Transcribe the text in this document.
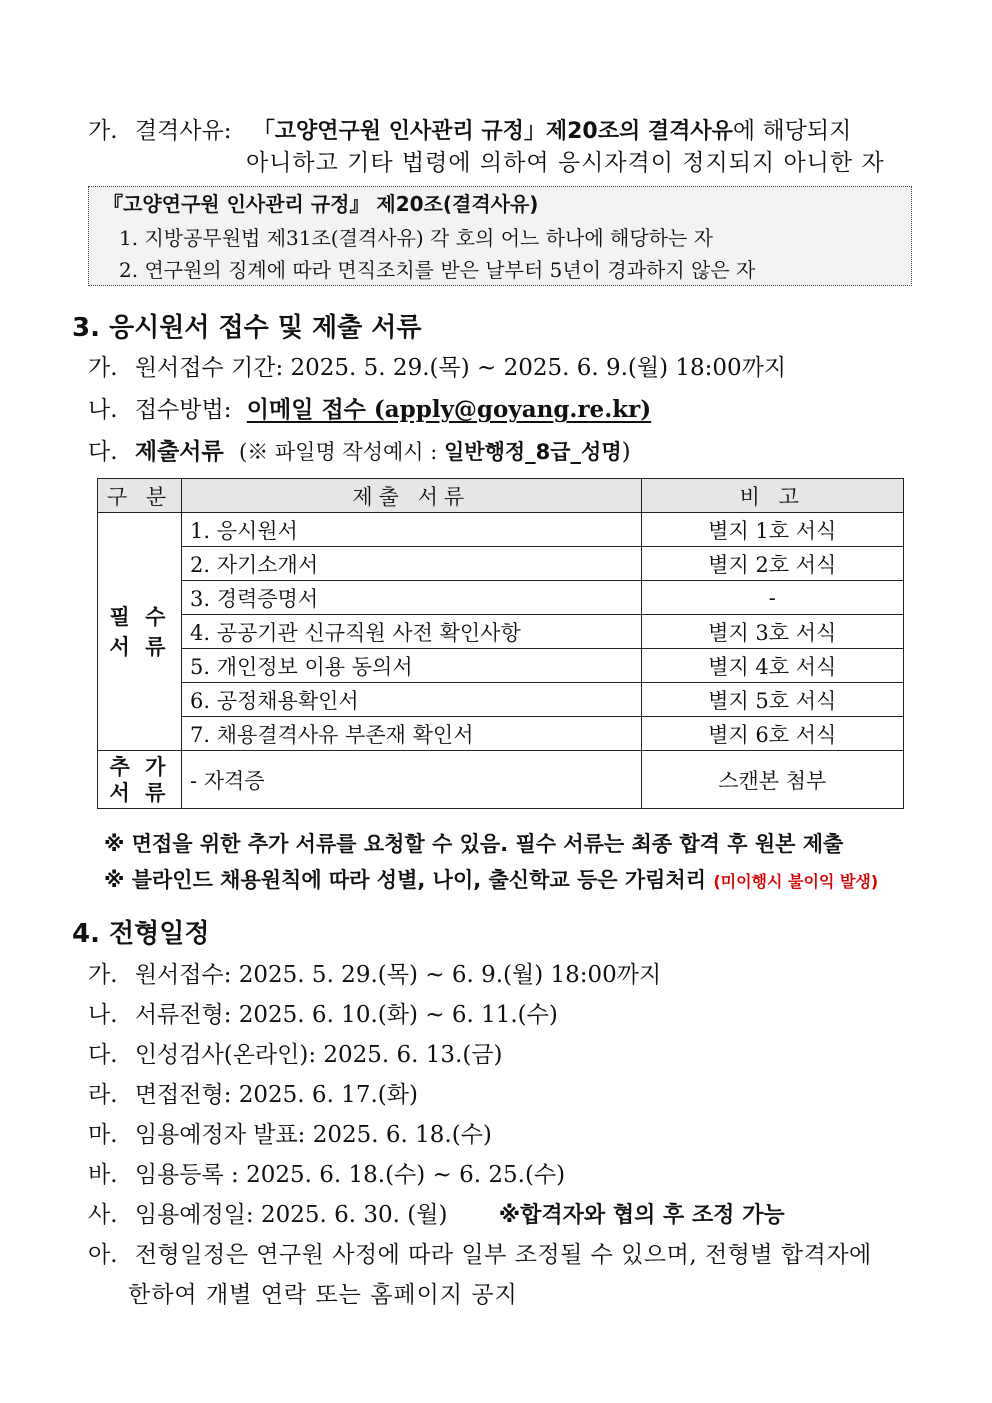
가. 결격사유: 「고양연구원 인사관리 규정」제20조의 결격사유에 해당되지
아니하고 기타 법령에 의하여 응시자격이 정지되지 아니한 자
『고양연구원 인사관리 규정』 제20조(결격사유)
1. 지방공무원법 제31조(결격사유) 각 호의 어느 하나에 해당하는 자
2. 연구원의 징계에 따라 면직조치를 받은 날부터 5년이 경과하지 않은 자
3. 응시원서 접수 및 제출 서류
가. 원서접수 기간: 2025. 5. 29.(목) ~ 2025. 6. 9.(월) 18:00까지
나. 접수방법: 이메일 접수 (apply@goyang.re.kr)
다. 제출서류 (※ 파일명 작성예시 : 일반행정_8급_성명)
구 분	제출 서류	비 고
필 수
서 류	1. 응시원서	별지 1호 서식
	2. 자기소개서	별지 2호 서식
	3. 경력증명서	-
	4. 공공기관 신규직원 사전 확인사항	별지 3호 서식
	5. 개인정보 이용 동의서	별지 4호 서식
	6. 공정채용확인서	별지 5호 서식
	7. 채용결격사유 부존재 확인서	별지 6호 서식
추 가
서 류	- 자격증	스캔본 첨부
※ 면접을 위한 추가 서류를 요청할 수 있음. 필수 서류는 최종 합격 후 원본 제출
※ 블라인드 채용원칙에 따라 성별, 나이, 출신학교 등은 가림처리 (미이행시 불이익 발생)
4. 전형일정
가. 원서접수: 2025. 5. 29.(목) ~ 6. 9.(월) 18:00까지
나. 서류전형: 2025. 6. 10.(화) ~ 6. 11.(수)
다. 인성검사(온라인): 2025. 6. 13.(금)
라. 면접전형: 2025. 6. 17.(화)
마. 임용예정자 발표: 2025. 6. 18.(수)
바. 임용등록 : 2025. 6. 18.(수) ~ 6. 25.(수)
사. 임용예정일: 2025. 6. 30. (월) ※합격자와 협의 후 조정 가능
아. 전형일정은 연구원 사정에 따라 일부 조정될 수 있으며, 전형별 합격자에
한하여 개별 연락 또는 홈페이지 공지
